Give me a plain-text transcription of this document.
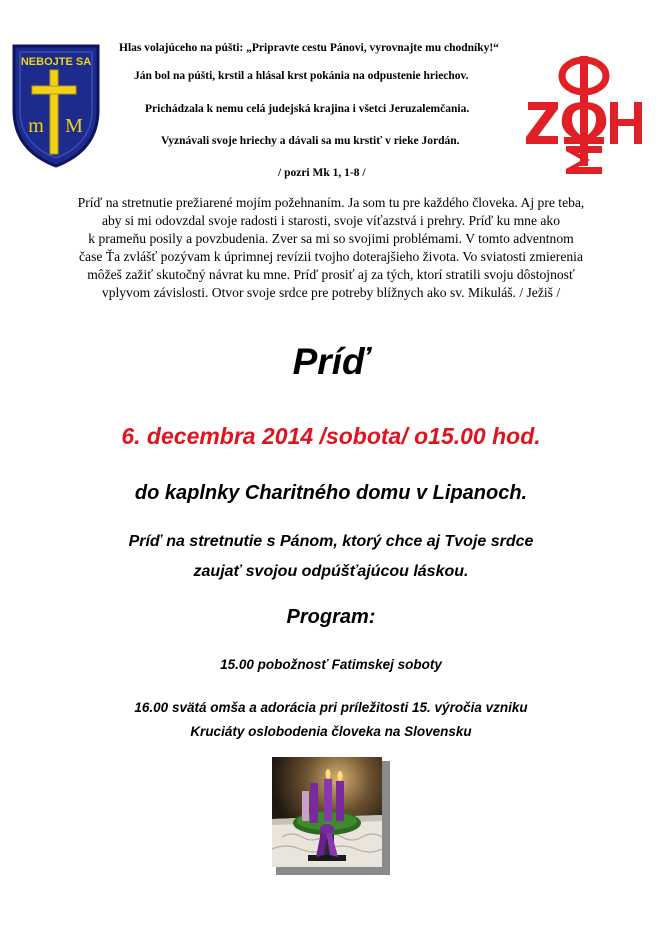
NEBOJTE SA
m M
Hlas volajúceho na púšti: „Pripravte cestu Pánovi, vyrovnajte mu chodníky!“
Ján bol na púšti, krstil a hlásal krst pokánia na odpustenie hriechov.
Prichádzala k nemu celá judejská krajina i všetci Jeruzalemčania.
Vyznávali svoje hriechy a dávali sa mu krstiť v rieke Jordán.
/ pozri Mk 1, 1-8 /
Príď na stretnutie prežiarené mojím požehnaním. Ja som tu pre každého človeka. Aj pre teba,
aby si mi odovzdal svoje radosti i starosti, svoje víťazstvá i prehry. Príď ku mne ako
k prameňu posily a povzbudenia. Zver sa mi so svojimi problémami. V tomto adventnom
čase Ťa zvlášť pozývam k úprimnej revízii tvojho doterajšieho života. Vo sviatosti zmierenia
môžeš zažiť skutočný návrat ku mne. Príď prosiť aj za tých, ktorí stratili svoju dôstojnosť
vplyvom závislosti. Otvor svoje srdce pre potreby blížnych ako sv. Mikuláš. / Ježiš /
Príď
6. decembra 2014 /sobota/ o15.00 hod.
do kaplnky Charitného domu v Lipanoch.
Príď na stretnutie s Pánom, ktorý chce aj Tvoje srdce
zaujať svojou odpúšťajúcou láskou.
Program:
15.00 pobožnosť Fatimskej soboty
16.00 svätá omša a adorácia pri príležitosti 15. výročia vzniku
Kruciáty oslobodenia človeka na Slovensku
